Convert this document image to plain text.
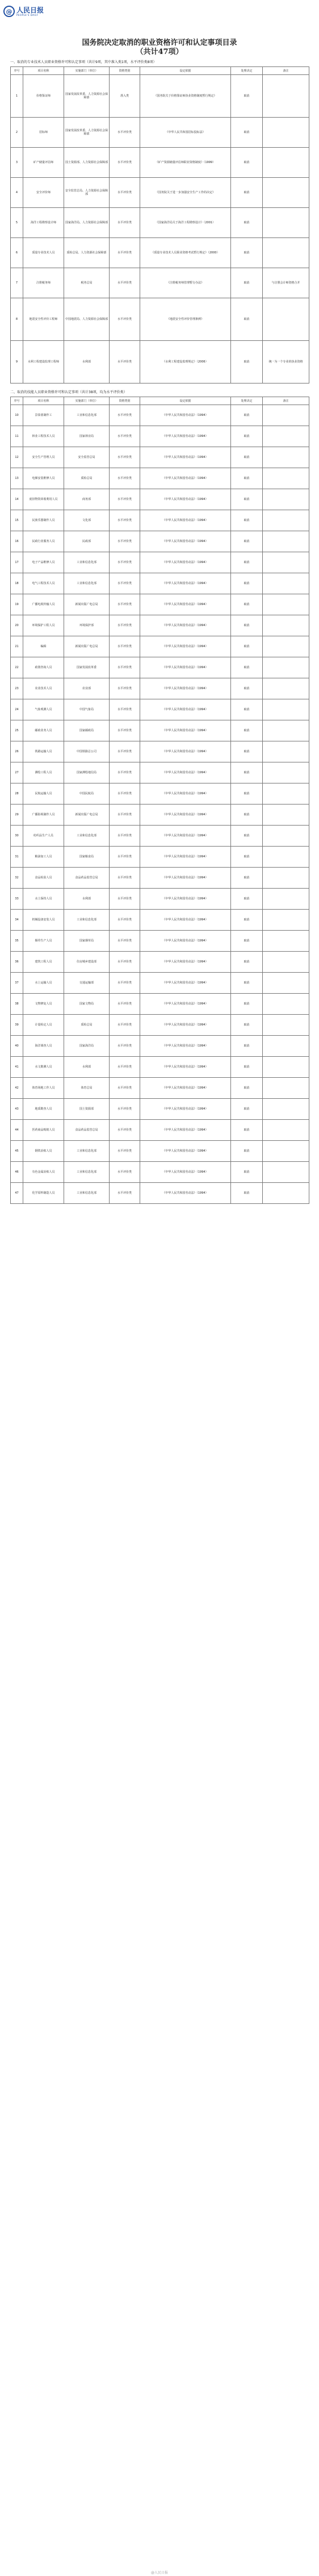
@ 人民日报
PEOPLE'S DAILY
国务院决定取消的职业资格许可和认定事项目录
（共计47项）
一、取消的专业技术人员职业资格许可和认定事项（共计9项，其中准入类1项，水平评价类8项）
序号	项目名称	实施部门（单位）	资格类别	设定依据	处理决定	备注
1	价格鉴证师	国家发展改革委、人力资源社会保障部	准入类	《国务院关于价格鉴证师执业资格制度暂行规定》	取消	
2	招标师	国家发展改革委、人力资源社会保障部	水平评价类	《中华人民共和国招标投标法》	取消	
3	矿产储量评估师	国土资源部、人力资源社会保障部	水平评价类	《矿产资源储量评估师职业资格制度》（1999）	取消	
4	安全评价师	安全监管总局、人力资源社会保障部	水平评价类	《国务院关于进一步加强安全生产工作的决定》	取消	
5	海洋工程勘察设计师	国家海洋局、人力资源社会保障部	水平评价类	《国家海洋局关于海洋工程勘察设计》（2001）	取消	
6	质量专业技术人员	质检总局、人力资源社会保障部	水平评价类	《质量专业技术人员职业资格考试暂行规定》（2000）	取消	
7	注册税务师	税务总局	水平评价类	《注册税务师管理暂行办法》	取消	与注册会计师资格合并
8	地震安全性评价工程师	中国地震局、人力资源社会保障部	水平评价类	《地震安全性评价管理条例》	取消	
9	水利工程建设监理工程师	水利部	水平评价类	《水利工程建设监理规定》（2006）	取消	统一为一个专业的执业资格
二、取消的技能人员职业资格许可和认定事项（共计38项，均为水平评价类）
序号	项目名称	实施部门（单位）	资格类别	设定依据	处理决定	备注
10	景泰蓝制作工	工业和信息化部	水平评价类	《中华人民共和国劳动法》（1994）	取消	
11	林业工程技术人员	国家林业局	水平评价类	《中华人民共和国劳动法》（1994）	取消	
12	安全生产管理人员	安全监管总局	水平评价类	《中华人民共和国劳动法》（1994）	取消	
13	电梯安装维修人员	质检总局	水平评价类	《中华人民共和国劳动法》（1994）	取消	
14	废旧物资回收利用人员	商务部	水平评价类	《中华人民共和国劳动法》（1994）	取消	
15	民族乐器制作人员	文化部	水平评价类	《中华人民共和国劳动法》（1994）	取消	
16	民政行业服务人员	民政部	水平评价类	《中华人民共和国劳动法》（1994）	取消	
17	电子产品维修人员	工业和信息化部	水平评价类	《中华人民共和国劳动法》（1994）	取消	
18	电气工程技术人员	工业和信息化部	水平评价类	《中华人民共和国劳动法》（1994）	取消	
19	广播电视传输人员	新闻出版广电总局	水平评价类	《中华人民共和国劳动法》（1994）	取消	
20	环境保护工程人员	环境保护部	水平评价类	《中华人民共和国劳动法》（1994）	取消	
21	编辑	新闻出版广电总局	水平评价类	《中华人民共和国劳动法》（1994）	取消	
22	政策咨询人员	国家发展改革委	水平评价类	《中华人民共和国劳动法》（1994）	取消	
23	农业技术人员	农业部	水平评价类	《中华人民共和国劳动法》（1994）	取消	
24	气象观测人员	中国气象局	水平评价类	《中华人民共和国劳动法》（1994）	取消	
25	邮政业务人员	国家邮政局	水平评价类	《中华人民共和国劳动法》（1994）	取消	
26	铁路运输人员	中国铁路总公司	水平评价类	《中华人民共和国劳动法》（1994）	取消	
27	测绘工程人员	国家测绘地信局	水平评价类	《中华人民共和国劳动法》（1994）	取消	
28	民航运输人员	中国民航局	水平评价类	《中华人民共和国劳动法》（1994）	取消	
29	广播影视制作人员	新闻出版广电总局	水平评价类	《中华人民共和国劳动法》（1994）	取消	
30	纺织品生产人员	工业和信息化部	水平评价类	《中华人民共和国劳动法》（1994）	取消	
31	粮油加工人员	国家粮食局	水平评价类	《中华人民共和国劳动法》（1994）	取消	
32	食品检验人员	食品药品监管总局	水平评价类	《中华人民共和国劳动法》（1994）	取消	
33	水土保持人员	水利部	水平评价类	《中华人民共和国劳动法》（1994）	取消	
34	机械设备安装人员	工业和信息化部	水平评价类	《中华人民共和国劳动法》（1994）	取消	
35	烟草生产人员	国家烟草局	水平评价类	《中华人民共和国劳动法》（1994）	取消	
36	建筑工程人员	住房城乡建设部	水平评价类	《中华人民共和国劳动法》（1994）	取消	
37	水上运输人员	交通运输部	水平评价类	《中华人民共和国劳动法》（1994）	取消	
38	文物修复人员	国家文物局	水平评价类	《中华人民共和国劳动法》（1994）	取消	
39	计量检定人员	质检总局	水平评价类	《中华人民共和国劳动法》（1994）	取消	
40	海洋调查人员	国家海洋局	水平评价类	《中华人民共和国劳动法》（1994）	取消	
41	水文勘测人员	水利部	水平评价类	《中华人民共和国劳动法》（1994）	取消	
42	体育场地工作人员	体育总局	水平评价类	《中华人民共和国劳动法》（1994）	取消	
43	地质勘查人员	国土资源部	水平评价类	《中华人民共和国劳动法》（1994）	取消	
44	医药商品购销人员	食品药品监管总局	水平评价类	《中华人民共和国劳动法》（1994）	取消	
45	钢铁冶炼人员	工业和信息化部	水平评价类	《中华人民共和国劳动法》（1994）	取消	
46	有色金属冶炼人员	工业和信息化部	水平评价类	《中华人民共和国劳动法》（1994）	取消	
47	化学原料制造人员	工业和信息化部	水平评价类	《中华人民共和国劳动法》（1994）	取消	
@人民日报
